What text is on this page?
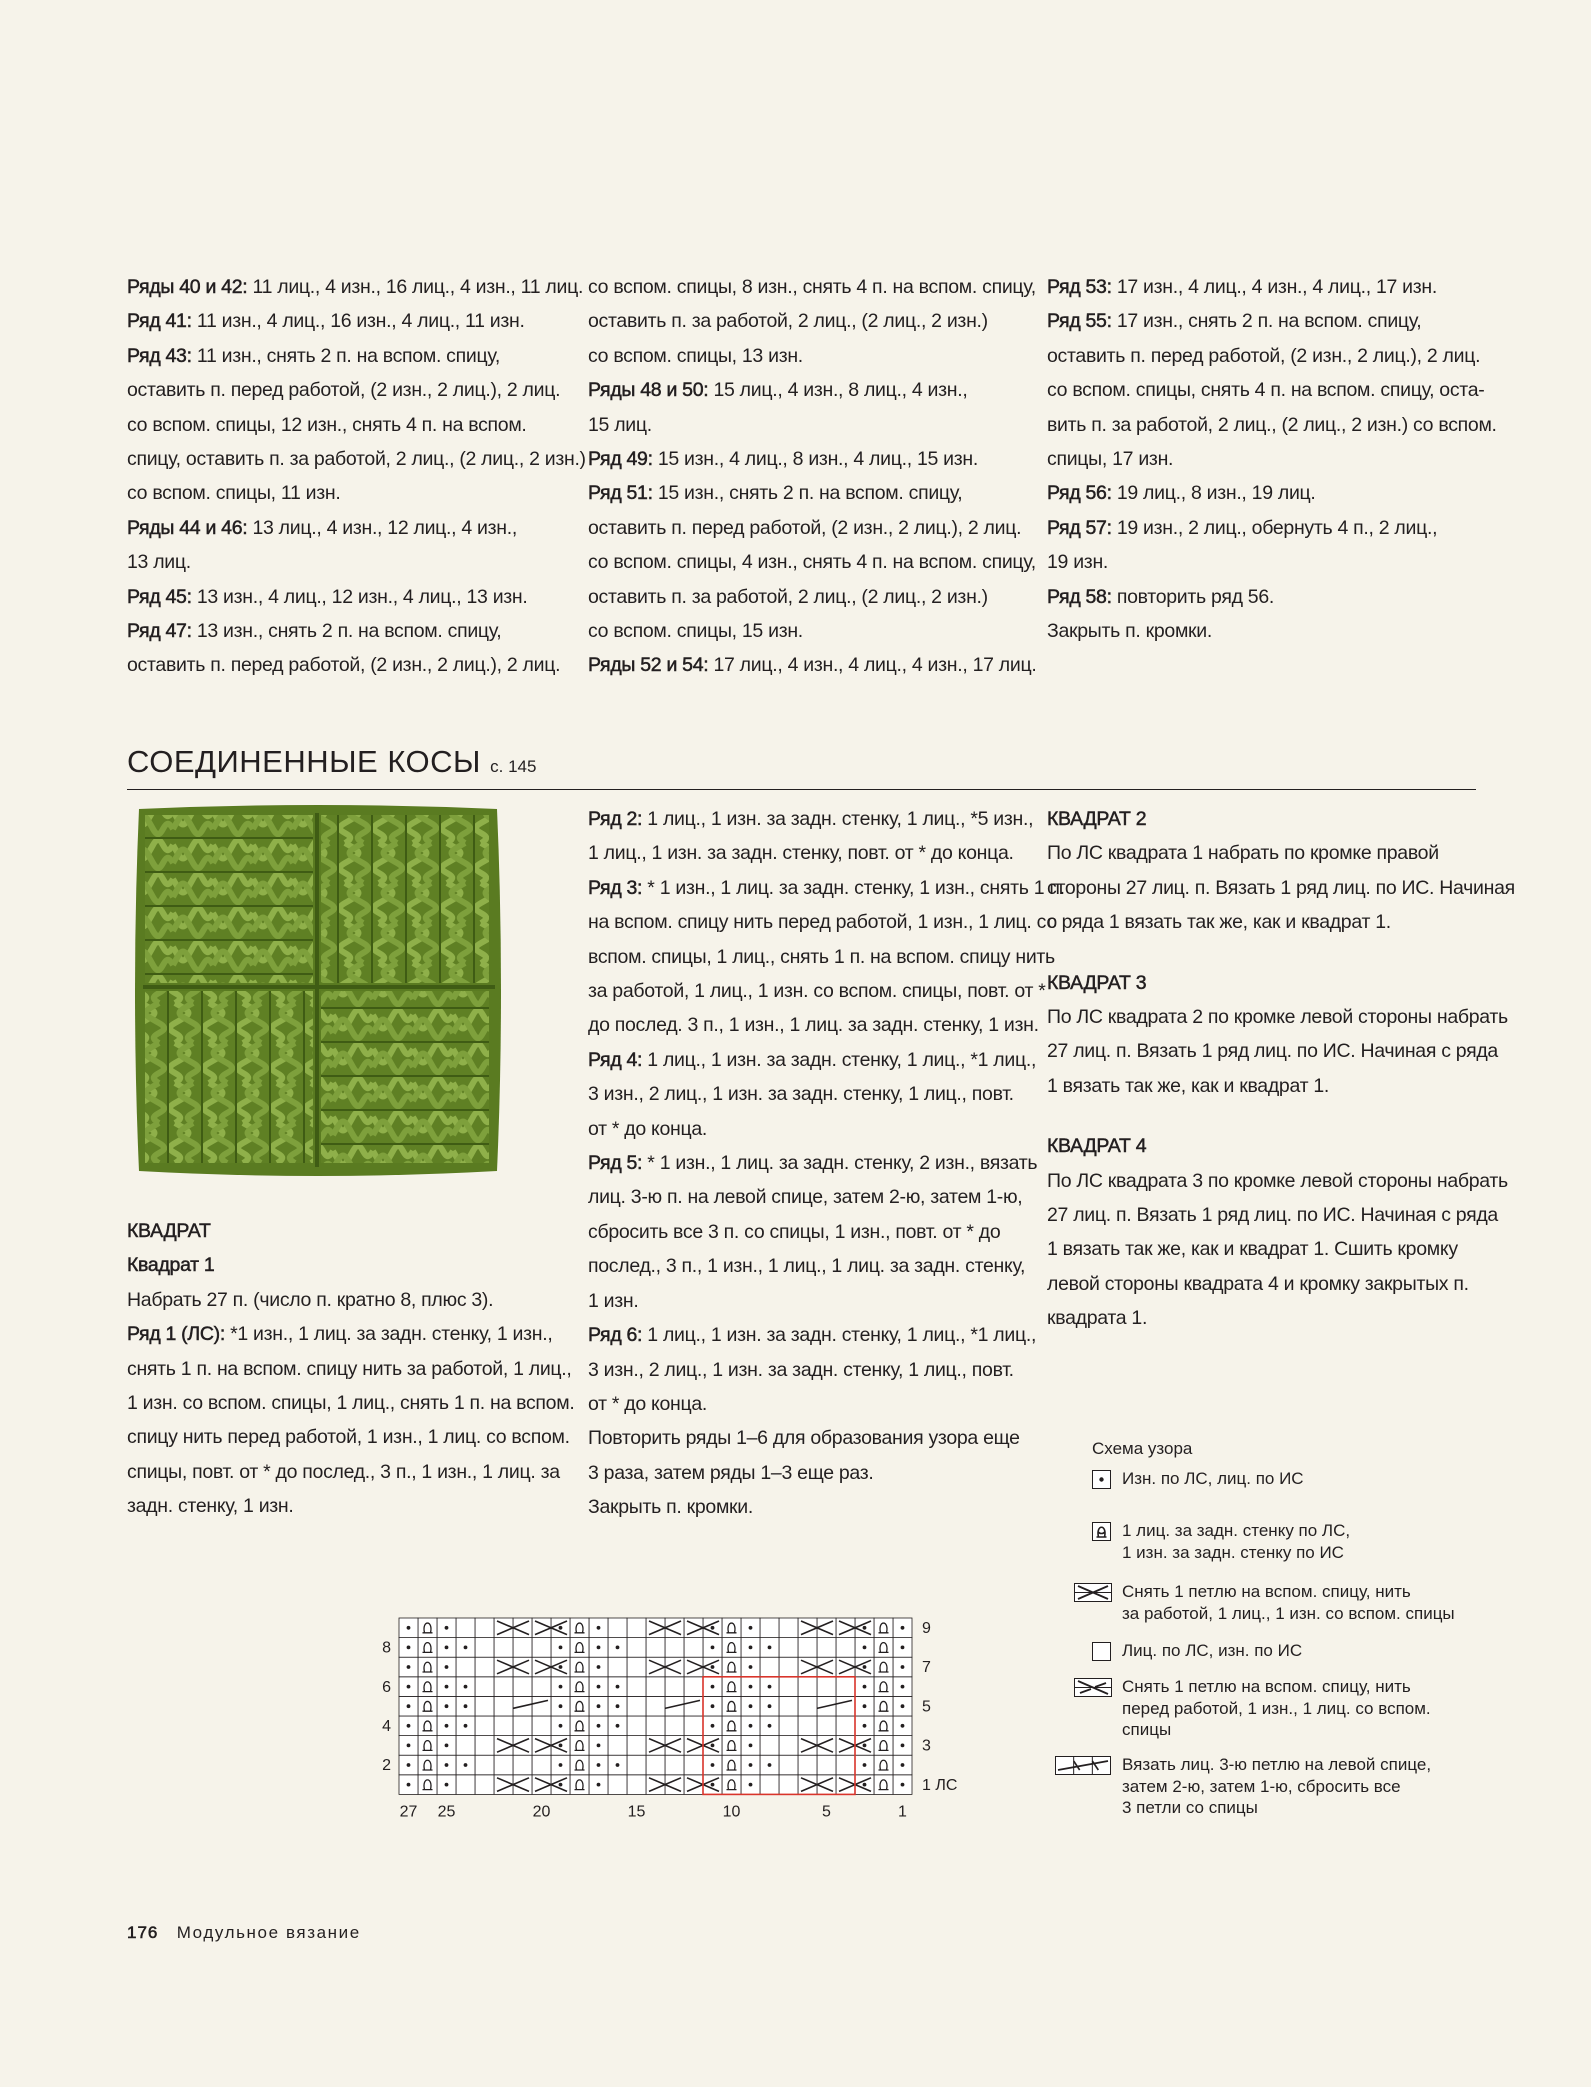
Ряды 40 и 42: 11 лиц., 4 изн., 16 лиц., 4 изн., 11 лиц.

Ряд 41: 11 изн., 4 лиц., 16 изн., 4 лиц., 11 изн.

Ряд 43: 11 изн., снять 2 п. на вспом. спицу,

оставить п. перед работой, (2 изн., 2 лиц.), 2 лиц.

со вспом. спицы, 12 изн., снять 4 п. на вспом.

спицу, оставить п. за работой, 2 лиц., (2 лиц., 2 изн.)

со вспом. спицы, 11 изн.

Ряды 44 и 46: 13 лиц., 4 изн., 12 лиц., 4 изн.,

13 лиц.

Ряд 45: 13 изн., 4 лиц., 12 изн., 4 лиц., 13 изн.

Ряд 47: 13 изн., снять 2 п. на вспом. спицу,

оставить п. перед работой, (2 изн., 2 лиц.), 2 лиц.

со вспом. спицы, 8 изн., снять 4 п. на вспом. спицу,

оставить п. за работой, 2 лиц., (2 лиц., 2 изн.)

со вспом. спицы, 13 изн.

Ряды 48 и 50: 15 лиц., 4 изн., 8 лиц., 4 изн.,

15 лиц.

Ряд 49: 15 изн., 4 лиц., 8 изн., 4 лиц., 15 изн.

Ряд 51: 15 изн., снять 2 п. на вспом. спицу,

оставить п. перед работой, (2 изн., 2 лиц.), 2 лиц.

со вспом. спицы, 4 изн., снять 4 п. на вспом. спицу,

оставить п. за работой, 2 лиц., (2 лиц., 2 изн.)

со вспом. спицы, 15 изн.

Ряды 52 и 54: 17 лиц., 4 изн., 4 лиц., 4 изн., 17 лиц.

Ряд 53: 17 изн., 4 лиц., 4 изн., 4 лиц., 17 изн.

Ряд 55: 17 изн., снять 2 п. на вспом. спицу,

оставить п. перед работой, (2 изн., 2 лиц.), 2 лиц.

со вспом. спицы, снять 4 п. на вспом. спицу, оста-

вить п. за работой, 2 лиц., (2 лиц., 2 изн.) со вспом.

спицы, 17 изн.

Ряд 56: 19 лиц., 8 изн., 19 лиц.

Ряд 57: 19 изн., 2 лиц., обернуть 4 п., 2 лиц.,

19 изн.

Ряд 58: повторить ряд 56.

Закрыть п. кромки.

СОЕДИНЕННЫЕ КОСЫ с. 145

КВАДРАТ

Квадрат 1

Набрать 27 п. (число п. кратно 8, плюс 3).

Ряд 1 (ЛС): *1 изн., 1 лиц. за задн. стенку, 1 изн.,

снять 1 п. на вспом. спицу нить за работой, 1 лиц.,

1 изн. со вспом. спицы, 1 лиц., снять 1 п. на вспом.

спицу нить перед работой, 1 изн., 1 лиц. со вспом.

спицы, повт. от * до послед., 3 п., 1 изн., 1 лиц. за

задн. стенку, 1 изн.

Ряд 2: 1 лиц., 1 изн. за задн. стенку, 1 лиц., *5 изн.,

1 лиц., 1 изн. за задн. стенку, повт. от * до конца.

Ряд 3: * 1 изн., 1 лиц. за задн. стенку, 1 изн., снять 1 п.

на вспом. спицу нить перед работой, 1 изн., 1 лиц. со

вспом. спицы, 1 лиц., снять 1 п. на вспом. спицу нить

за работой, 1 лиц., 1 изн. со вспом. спицы, повт. от *

до послед. 3 п., 1 изн., 1 лиц. за задн. стенку, 1 изн.

Ряд 4: 1 лиц., 1 изн. за задн. стенку, 1 лиц., *1 лиц.,

3 изн., 2 лиц., 1 изн. за задн. стенку, 1 лиц., повт.

от * до конца.

Ряд 5: * 1 изн., 1 лиц. за задн. стенку, 2 изн., вязать

лиц. 3-ю п. на левой спице, затем 2-ю, затем 1-ю,

сбросить все 3 п. со спицы, 1 изн., повт. от * до

послед., 3 п., 1 изн., 1 лиц., 1 лиц. за задн. стенку,

1 изн.

Ряд 6: 1 лиц., 1 изн. за задн. стенку, 1 лиц., *1 лиц.,

3 изн., 2 лиц., 1 изн. за задн. стенку, 1 лиц., повт.

от * до конца.

Повторить ряды 1–6 для образования узора еще

3 раза, затем ряды 1–3 еще раз.

Закрыть п. кромки.

КВАДРАТ 2

По ЛС квадрата 1 набрать по кромке правой

стороны 27 лиц. п. Вязать 1 ряд лиц. по ИС. Начиная

с ряда 1 вязать так же, как и квадрат 1.

КВАДРАТ 3

По ЛС квадрата 2 по кромке левой стороны набрать

27 лиц. п. Вязать 1 ряд лиц. по ИС. Начиная с ряда

1 вязать так же, как и квадрат 1.

КВАДРАТ 4

По ЛС квадрата 3 по кромке левой стороны набрать

27 лиц. п. Вязать 1 ряд лиц. по ИС. Начиная с ряда

1 вязать так же, как и квадрат 1. Сшить кромку

левой стороны квадрата 4 и кромку закрытых п.

квадрата 1.

Схема узора
Изн. по ЛС, лиц. по ИС
1 лиц. за задн. стенку по ЛС,
1 изн. за задн. стенку по ИС
Снять 1 петлю на вспом. спицу, нить
за работой, 1 лиц., 1 изн. со вспом. спицы
Лиц. по ЛС, изн. по ИС
Снять 1 петлю на вспом. спицу, нить
перед работой, 1 изн., 1 лиц. со вспом.
спицы
Вязать лиц. 3-ю петлю на левой спице,
затем 2-ю, затем 1-ю, сбросить все
3 петли со спицы
8
6
4
2
9
7
5
3
1 ЛС
27 25	20	15	10	5	1
176 Модульное вязание
